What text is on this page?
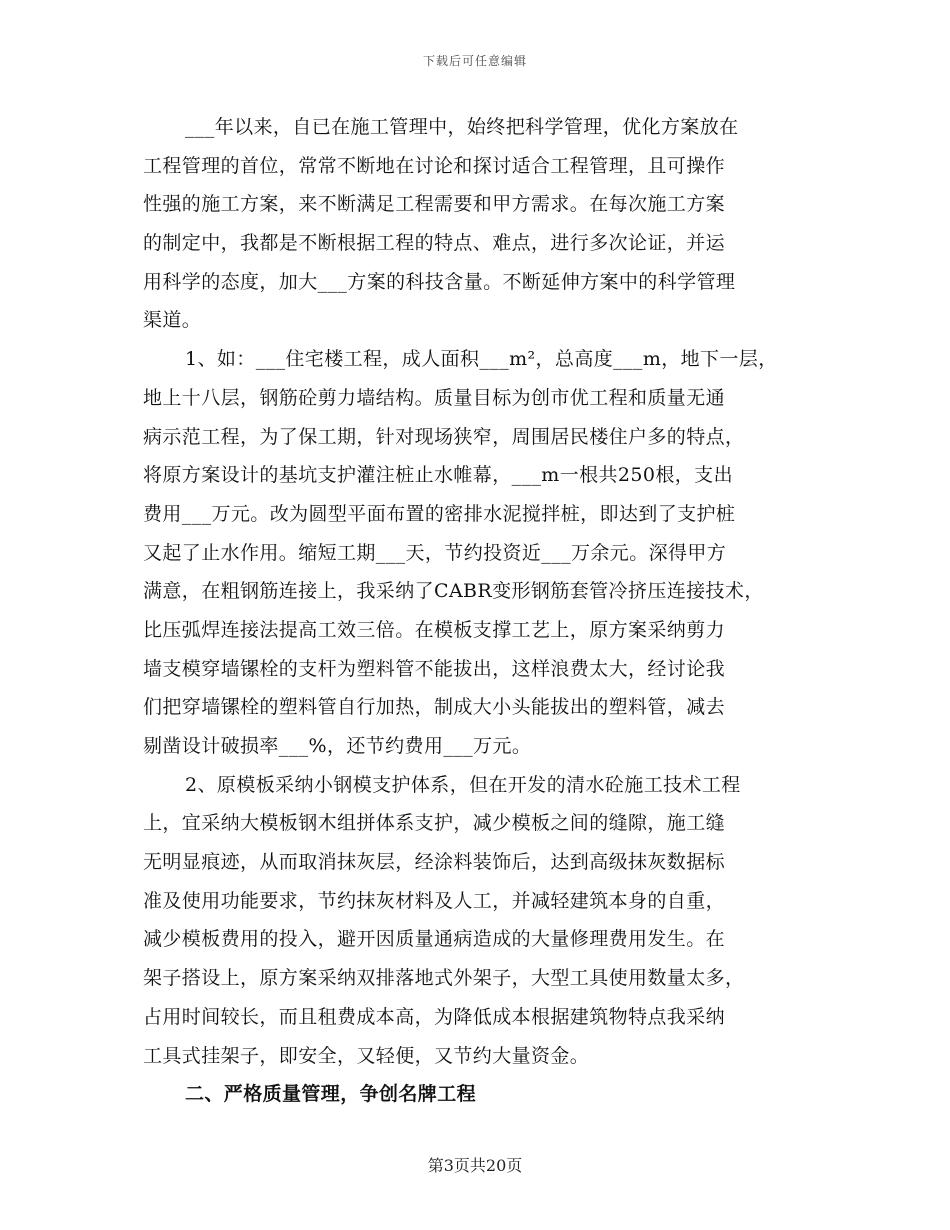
下载后可任意编辑
___年以来，自已在施工管理中，始终把科学管理，优化方案放在
工程管理的首位，常常不断地在讨论和探讨适合工程管理，且可操作
性强的施工方案，来不断满足工程需要和甲方需求。在每次施工方案
的制定中，我都是不断根据工程的特点、难点，进行多次论证，并运
用科学的态度，加大___方案的科技含量。不断延伸方案中的科学管理
渠道。
1、如：___住宅楼工程，成人面积___m²，总高度___m，地下一层，
地上十八层，钢筋砼剪力墙结构。质量目标为创市优工程和质量无通
病示范工程，为了保工期，针对现场狭窄，周围居民楼住户多的特点，
将原方案设计的基坑支护灌注桩止水帷幕，___m一根共250根，支出
费用___万元。改为圆型平面布置的密排水泥搅拌桩，即达到了支护桩
又起了止水作用。缩短工期___天，节约投资近___万余元。深得甲方
满意，在粗钢筋连接上，我采纳了CABR变形钢筋套管冷挤压连接技术，
比压弧焊连接法提高工效三倍。在模板支撑工艺上，原方案采纳剪力
墙支模穿墙镙栓的支杆为塑料管不能拔出，这样浪费太大，经讨论我
们把穿墙镙栓的塑料管自行加热，制成大小头能拔出的塑料管，减去
剔凿设计破损率___%，还节约费用___万元。
2、原模板采纳小钢模支护体系，但在开发的清水砼施工技术工程
上，宜采纳大模板钢木组拼体系支护，减少模板之间的缝隙，施工缝
无明显痕迹，从而取消抹灰层，经涂料装饰后，达到高级抹灰数据标
准及使用功能要求，节约抹灰材料及人工，并减轻建筑本身的自重，
减少模板费用的投入，避开因质量通病造成的大量修理费用发生。在
架子搭设上，原方案采纳双排落地式外架子，大型工具使用数量太多，
占用时间较长，而且租费成本高，为降低成本根据建筑物特点我采纳
工具式挂架子，即安全，又轻便，又节约大量资金。
二、严格质量管理，争创名牌工程
第3页共20页
